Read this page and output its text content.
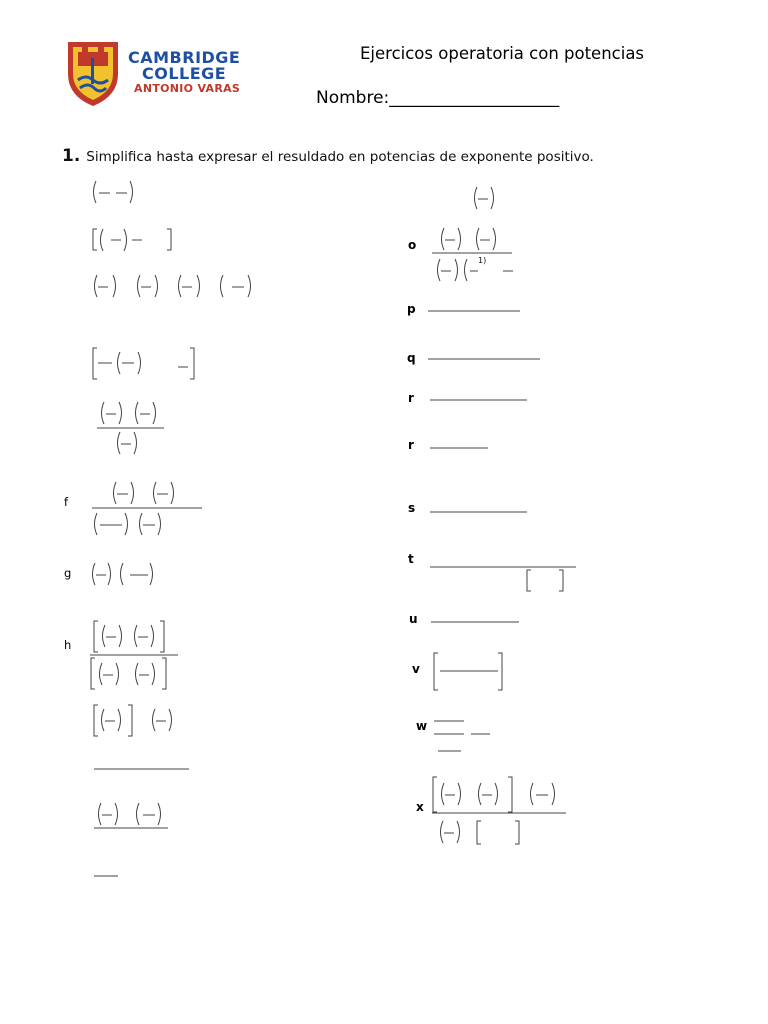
CAMBRIDGE
COLLEGE
ANTONIO VARAS
Ejercicos operatoria con potencias
Nombre:____________________
1. Simplifica hasta expresar el resuldado en potencias de exponente positivo.
f
g
h
o
p
q
r
r
s
t
u
v
w
x
1)
